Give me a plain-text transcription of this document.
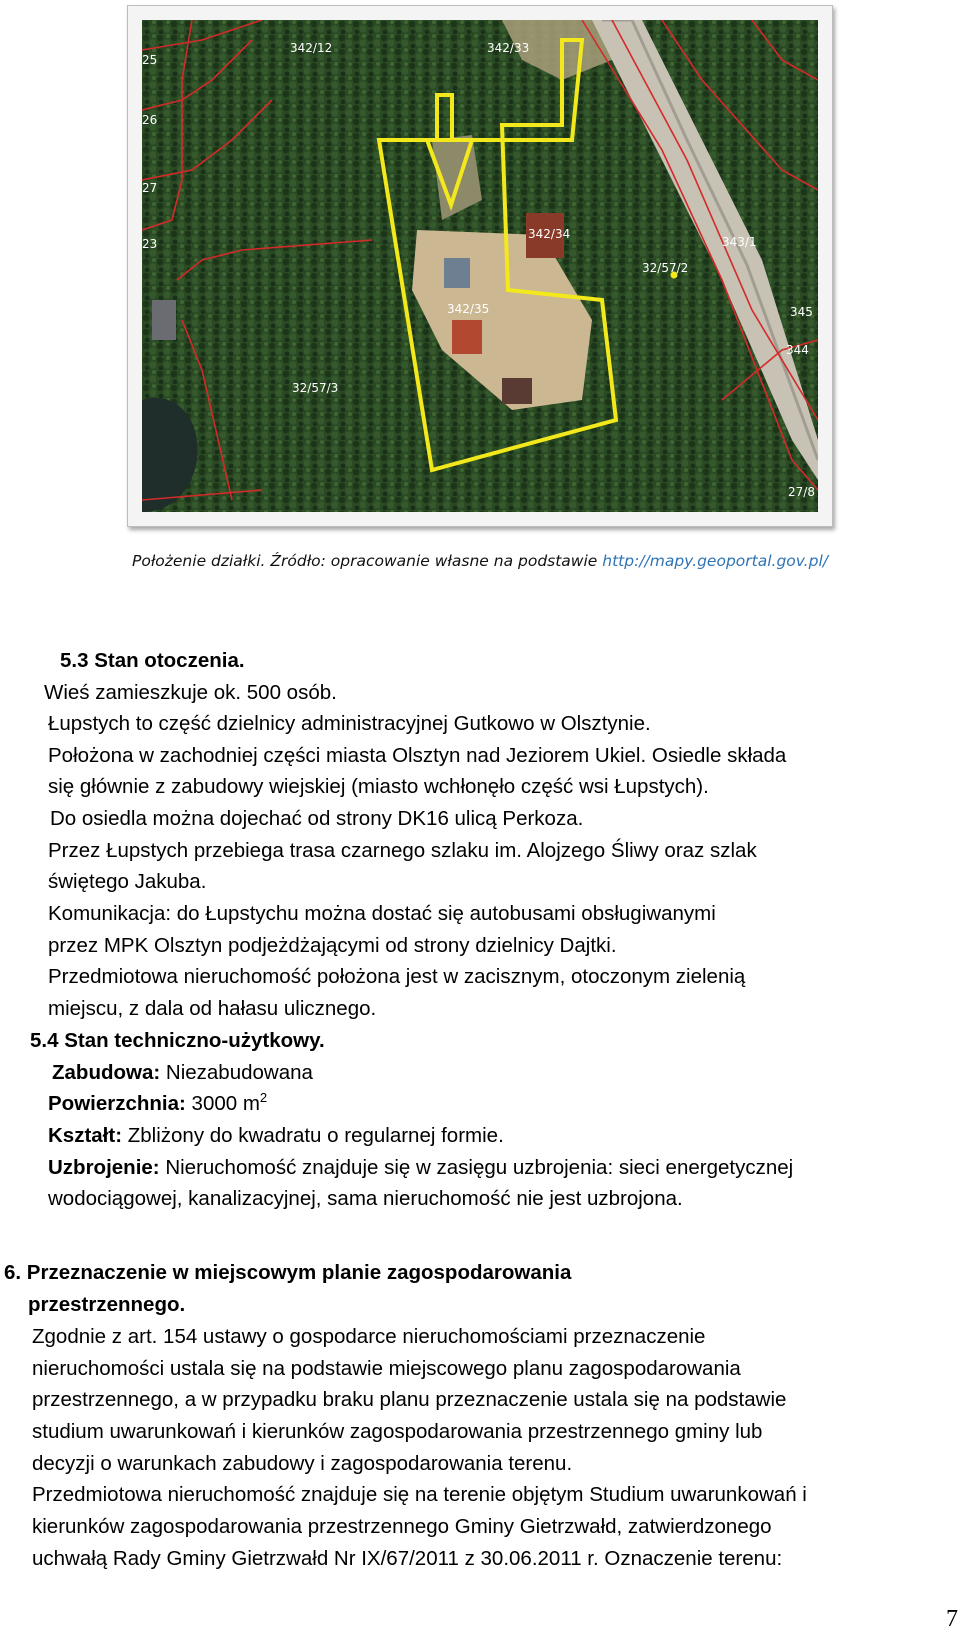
342/12	342/33
342/34
342/35
32/57/2
32/57/3
343/1
345
344
27/8
25
26
27
23
Położenie działki. Źródło: opracowanie własne na podstawie http://mapy.geoportal.gov.pl/
5.3 Stan otoczenia.
Wieś zamieszkuje ok. 500 osób.
Łupstych to część dzielnicy administracyjnej Gutkowo w Olsztynie.
Położona w zachodniej części miasta Olsztyn nad Jeziorem Ukiel. Osiedle składa
się głównie z zabudowy wiejskiej (miasto wchłonęło część wsi Łupstych).
Do osiedla można dojechać od strony DK16 ulicą Perkoza.
Przez Łupstych przebiega trasa czarnego szlaku im. Alojzego Śliwy oraz szlak
świętego Jakuba.
Komunikacja: do Łupstychu można dostać się autobusami obsługiwanymi
przez MPK Olsztyn podjeżdżającymi od strony dzielnicy Dajtki.
Przedmiotowa nieruchomość położona jest w zacisznym, otoczonym zielenią
miejscu, z dala od hałasu ulicznego.
5.4 Stan techniczno-użytkowy.
Zabudowa: Niezabudowana
Powierzchnia: 3000 $m^2$
Kształt: Zbliżony do kwadratu o regularnej formie.
Uzbrojenie: Nieruchomość znajduje się w zasięgu uzbrojenia: sieci energetycznej
wodociągowej, kanalizacyjnej, sama nieruchomość nie jest uzbrojona.
6. Przeznaczenie w miejscowym planie zagospodarowania
przestrzennego.
Zgodnie z art. 154 ustawy o gospodarce nieruchomościami przeznaczenie
nieruchomości ustala się na podstawie miejscowego planu zagospodarowania
przestrzennego, a w przypadku braku planu przeznaczenie ustala się na podstawie
studium uwarunkowań i kierunków zagospodarowania przestrzennego gminy lub
decyzji o warunkach zabudowy i zagospodarowania terenu.
Przedmiotowa nieruchomość znajduje się na terenie objętym Studium uwarunkowań i
kierunków zagospodarowania przestrzennego Gminy Gietrzwałd, zatwierdzonego
uchwałą Rady Gminy Gietrzwałd Nr IX/67/2011 z 30.06.2011 r. Oznaczenie terenu:
7
